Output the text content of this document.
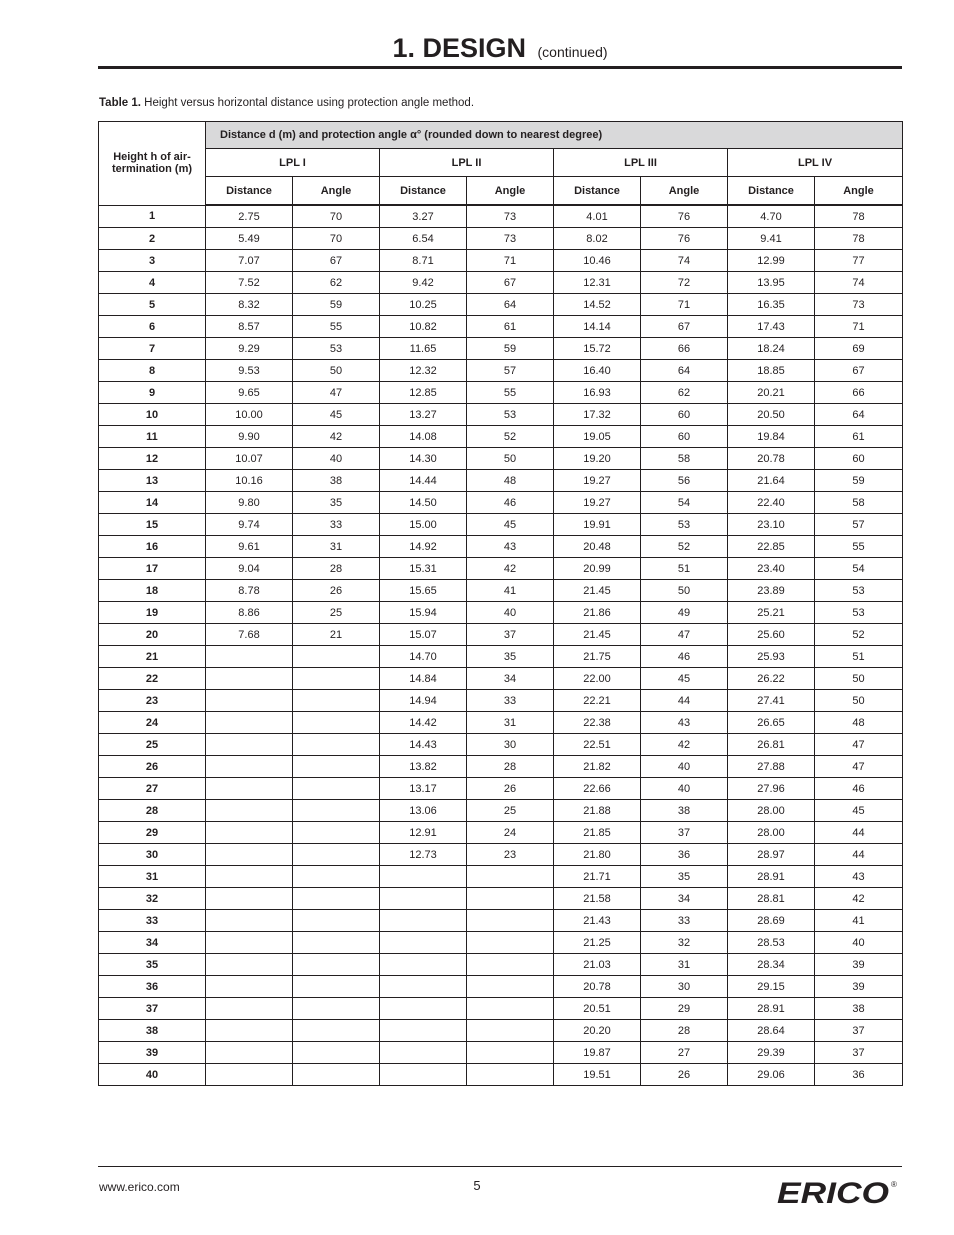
1. DESIGN (continued)
Table 1. Height versus horizontal distance using protection angle method.
Height h of air-termination (m)	Distance d (m) and protection angle α° (rounded down to nearest degree)							
	LPL I		LPL II		LPL III		LPL IV	
	Distance	Angle	Distance	Angle	Distance	Angle	Distance	Angle
1	2.75	70	3.27	73	4.01	76	4.70	78
2	5.49	70	6.54	73	8.02	76	9.41	78
3	7.07	67	8.71	71	10.46	74	12.99	77
4	7.52	62	9.42	67	12.31	72	13.95	74
5	8.32	59	10.25	64	14.52	71	16.35	73
6	8.57	55	10.82	61	14.14	67	17.43	71
7	9.29	53	11.65	59	15.72	66	18.24	69
8	9.53	50	12.32	57	16.40	64	18.85	67
9	9.65	47	12.85	55	16.93	62	20.21	66
10	10.00	45	13.27	53	17.32	60	20.50	64
11	9.90	42	14.08	52	19.05	60	19.84	61
12	10.07	40	14.30	50	19.20	58	20.78	60
13	10.16	38	14.44	48	19.27	56	21.64	59
14	9.80	35	14.50	46	19.27	54	22.40	58
15	9.74	33	15.00	45	19.91	53	23.10	57
16	9.61	31	14.92	43	20.48	52	22.85	55
17	9.04	28	15.31	42	20.99	51	23.40	54
18	8.78	26	15.65	41	21.45	50	23.89	53
19	8.86	25	15.94	40	21.86	49	25.21	53
20	7.68	21	15.07	37	21.45	47	25.60	52
21			14.70	35	21.75	46	25.93	51
22			14.84	34	22.00	45	26.22	50
23			14.94	33	22.21	44	27.41	50
24			14.42	31	22.38	43	26.65	48
25			14.43	30	22.51	42	26.81	47
26			13.82	28	21.82	40	27.88	47
27			13.17	26	22.66	40	27.96	46
28			13.06	25	21.88	38	28.00	45
29			12.91	24	21.85	37	28.00	44
30			12.73	23	21.80	36	28.97	44
31					21.71	35	28.91	43
32					21.58	34	28.81	42
33					21.43	33	28.69	41
34					21.25	32	28.53	40
35					21.03	31	28.34	39
36					20.78	30	29.15	39
37					20.51	29	28.91	38
38					20.20	28	28.64	37
39					19.87	27	29.39	37
40					19.51	26	29.06	36
www.erico.com	5	ERICO ®
